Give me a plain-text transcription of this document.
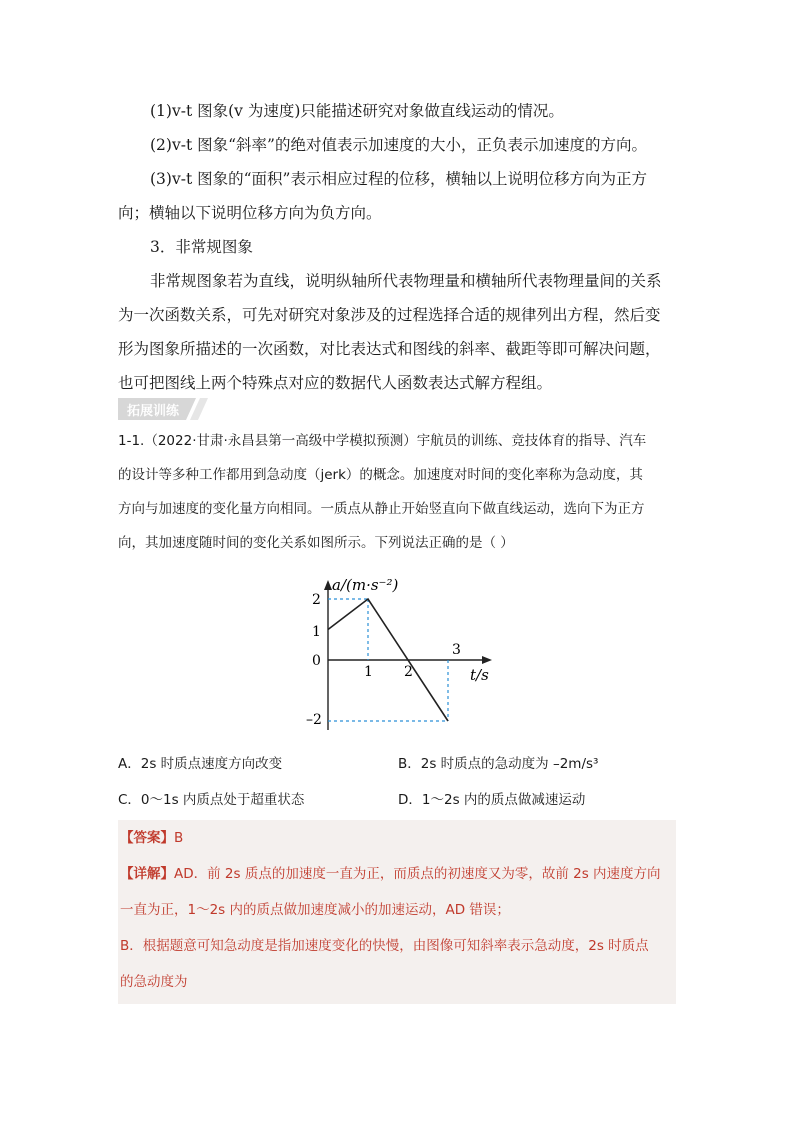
(1)v-t 图象(v 为速度)只能描述研究对象做直线运动的情况。

(2)v-t 图象“斜率”的绝对值表示加速度的大小，正负表示加速度的方向。

(3)v-t 图象的“面积”表示相应过程的位移，横轴以上说明位移方向为正方

向；横轴以下说明位移方向为负方向。

3．非常规图象

非常规图象若为直线，说明纵轴所代表物理量和横轴所代表物理量间的关系

为一次函数关系，可先对研究对象涉及的过程选择合适的规律列出方程，然后变

形为图象所描述的一次函数，对比表达式和图线的斜率、截距等即可解决问题，

也可把图线上两个特殊点对应的数据代人函数表达式解方程组。

拓展训练

1-1.（2022·甘肃·永昌县第一高级中学模拟预测）宇航员的训练、竞技体育的指导、汽车

的设计等多种工作都用到急动度（jerk）的概念。加速度对时间的变化率称为急动度，其

方向与加速度的变化量方向相同。一质点从静止开始竖直向下做直线运动，选向下为正方

向，其加速度随时间的变化关系如图所示。下列说法正确的是（ ）

a/(m·s⁻²)
t/s
0
2
1
–2
1 2
3
A．2s 时质点速度方向改变	B．2s 时质点的急动度为 –2m/s³
C．0～1s 内质点处于超重状态	D．1～2s 内的质点做减速运动

【答案】B

【详解】AD．前 2s 质点的加速度一直为正，而质点的初速度又为零，故前 2s 内速度方向

一直为正，1～2s 内的质点做加速度减小的加速运动，AD 错误；

B．根据题意可知急动度是指加速度变化的快慢，由图像可知斜率表示急动度，2s 时质点

的急动度为
